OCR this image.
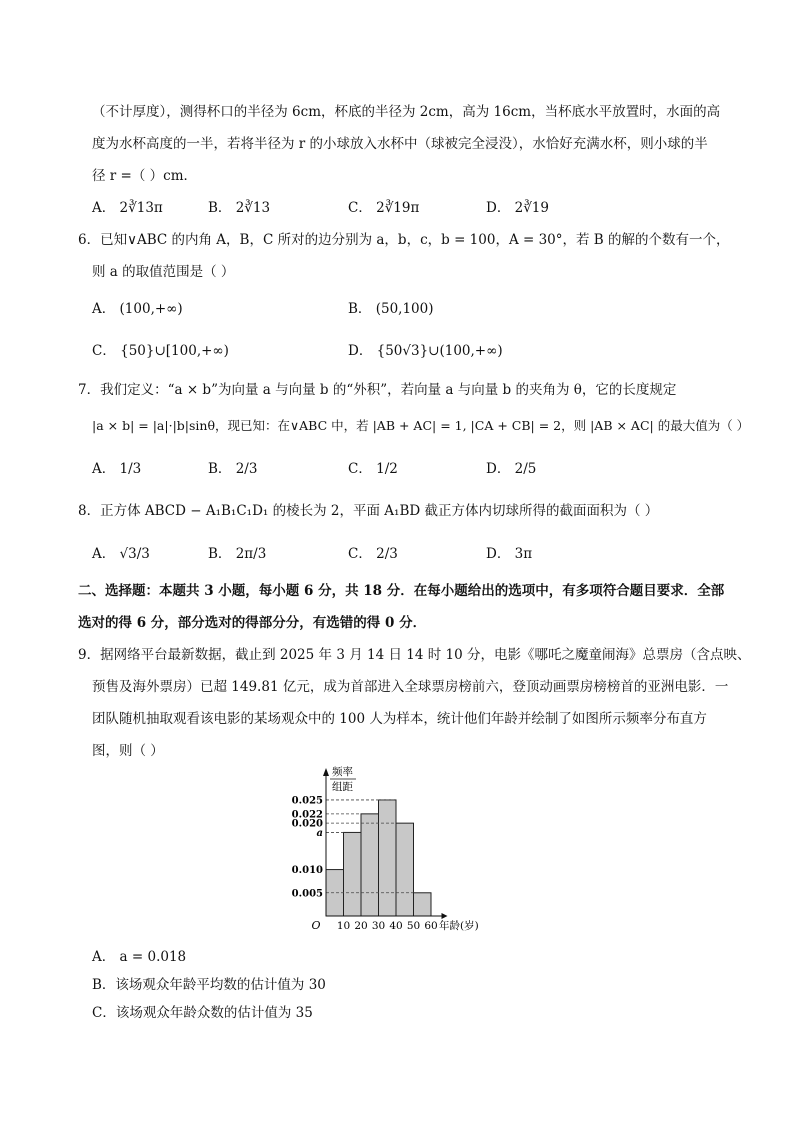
（不计厚度），测得杯口的半径为 6cm，杯底的半径为 2cm，高为 16cm，当杯底水平放置时，水面的高
度为水杯高度的一半，若将半径为 r 的小球放入水杯中（球被完全浸没），水恰好充满水杯，则小球的半
径 r =（ ）cm．
A． 2∛13π	B． 2∛13	C． 2∛19π	D． 2∛19
6．已知∨ABC 的内角 A，B，C 所对的边分别为 a，b，c，b = 100，A = 30°，若 B 的解的个数有一个，
则 a 的取值范围是（ ）
A． (100,+∞)	B． (50,100)
C． {50}∪[100,+∞)	D． {50√3}∪(100,+∞)
7．我们定义：“a × b”为向量 a 与向量 b 的“外积”，若向量 a 与向量 b 的夹角为 θ，它的长度规定
|a × b| = |a|·|b|sinθ，现已知：在∨ABC 中，若 |AB + AC| = 1, |CA + CB| = 2，则 |AB × AC| 的最大值为（ ）
A． 1/3	B． 2/3	C． 1/2	D． 2/5
8．正方体 ABCD − A₁B₁C₁D₁ 的棱长为 2，平面 A₁BD 截正方体内切球所得的截面面积为（ ）
A． √3/3	B． 2π/3	C． 2/3	D． 3π
二、选择题：本题共 3 小题，每小题 6 分，共 18 分．在每小题给出的选项中，有多项符合题目要求．全部
选对的得 6 分，部分选对的得部分分，有选错的得 0 分．
9．据网络平台最新数据，截止到 2025 年 3 月 14 日 14 时 10 分，电影《哪吒之魔童闹海》总票房（含点映、
预售及海外票房）已超 149.81 亿元，成为首部进入全球票房榜前六，登顶动画票房榜榜首的亚洲电影．一
团队随机抽取观看该电影的某场观众中的 100 人为样本，统计他们年龄并绘制了如图所示频率分布直方
图，则（ ）
0.025
0.022
0.020
a
0.010
0.005
10 20 30 40 50 60
O	年龄(岁)
频率
组距
A． a = 0.018
B．该场观众年龄平均数的估计值为 30
C．该场观众年龄众数的估计值为 35
